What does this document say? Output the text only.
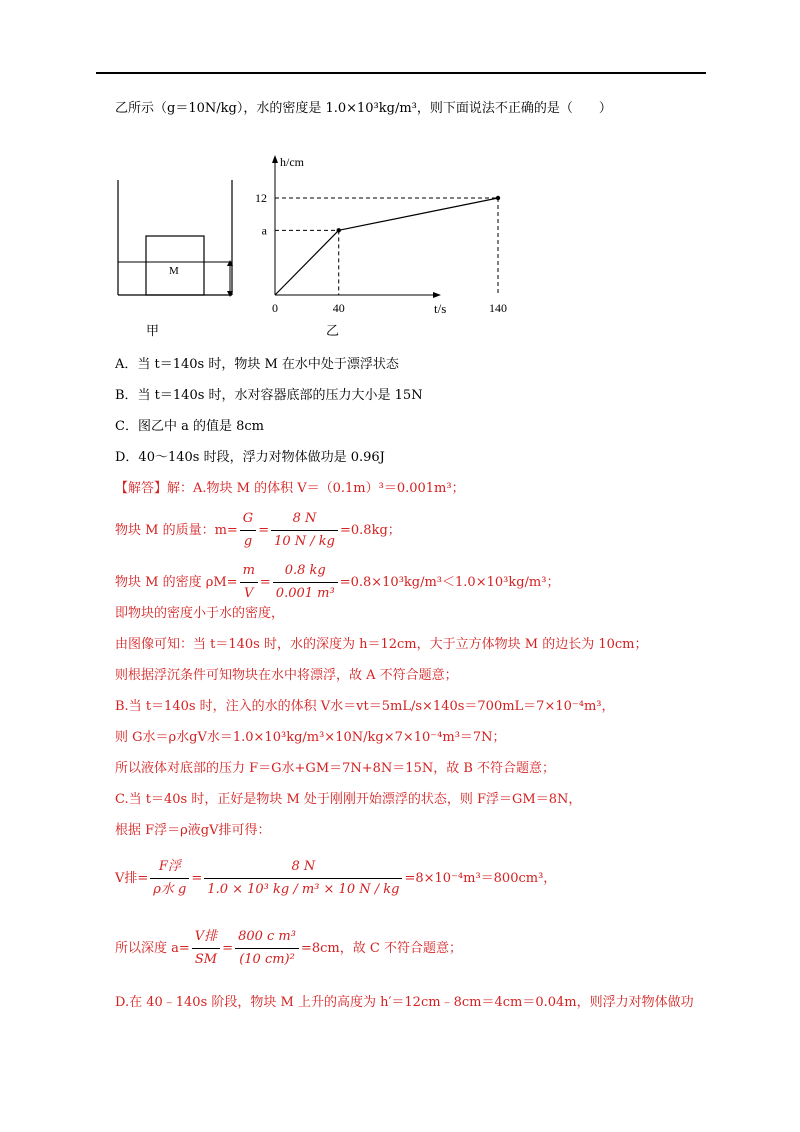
乙所示（g＝10N/kg），水的密度是 1.0×10³kg/m³，则下面说法不正确的是（　　）
M
甲
h/cm
t/s
12
a
0	40	140
乙
A．当 t＝140s 时，物块 M 在水中处于漂浮状态
B．当 t＝140s 时，水对容器底部的压力大小是 15N
C．图乙中 a 的值是 8cm
D．40～140s 时段，浮力对物体做功是 0.96J
【解答】解：A.物块 M 的体积 V＝（0.1m）³＝0.001m³；
物块 M 的质量：$m= \frac{G}{g} = \frac{8 N}{10 N / kg} =0.8kg$；
物块 M 的密度 $\rho M= \frac{m}{V} = \frac{0.8 kg}{\text{0.001 m³}} =0.8\times 10^3kg/m^3<1.0\times 10^3kg/m^3$；
即物块的密度小于水的密度，
由图像可知：当 t＝140s 时，水的深度为 h＝12cm，大于立方体物块 M 的边长为 10cm；
则根据浮沉条件可知物块在水中将漂浮，故 A 不符合题意；
B.当 t＝140s 时，注入的水的体积 V水＝vt＝5mL/s×140s＝700mL＝7×10⁻⁴m³，
则 G水＝ρ水gV水＝1.0×10³kg/m³×10N/kg×7×10⁻⁴m³＝7N；
所以液体对底部的压力 F＝G水+GM＝7N+8N＝15N，故 B 不符合题意；
C.当 t＝40s 时，正好是物块 M 处于刚刚开始漂浮的状态，则 F浮＝GM＝8N，
根据 F浮＝ρ液gV排可得：
V排= $\frac{\text{F浮}}{\text{ρ水 g}} = \frac{8 N}{\text{1.0 × 10³ kg / m³ × 10 N / kg}} =8\times 10^{-4}m^3=800cm^3$，
所以深度 $a= \frac{\text{V排}}{SM} = \frac{\text{800 c m³}}{\text{(10 cm)²}} =8cm$，故 C 不符合题意；
D.在 40﹣140s 阶段，物块 M 上升的高度为 h′＝12cm﹣8cm＝4cm＝0.04m，则浮力对物体做功
